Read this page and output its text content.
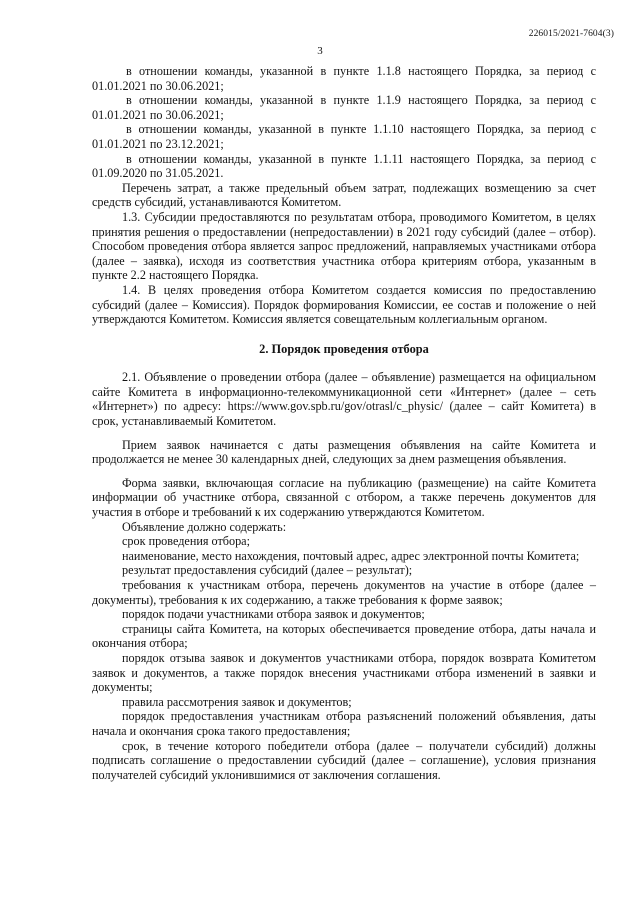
226015/2021-7604(3)
3

в отношении команды, указанной в пункте 1.1.8 настоящего Порядка, за период с 01.01.2021 по 30.06.2021;

в отношении команды, указанной в пункте 1.1.9 настоящего Порядка, за период с 01.01.2021 по 30.06.2021;

в отношении команды, указанной в пункте 1.1.10 настоящего Порядка, за период с 01.01.2021 по 23.12.2021;

в отношении команды, указанной в пункте 1.1.11 настоящего Порядка, за период с 01.09.2020 по 31.05.2021.

Перечень затрат, а также предельный объем затрат, подлежащих возмещению за счет средств субсидий, устанавливаются Комитетом.

1.3. Субсидии предоставляются по результатам отбора, проводимого Комитетом, в целях принятия решения о предоставлении (непредоставлении) в 2021 году субсидий (далее – отбор). Способом проведения отбора является запрос предложений, направляемых участниками отбора (далее – заявка), исходя из соответствия участника отбора критериям отбора, указанным в пункте 2.2 настоящего Порядка.

1.4. В целях проведения отбора Комитетом создается комиссия по предоставлению субсидий (далее – Комиссия). Порядок формирования Комиссии, ее состав и положение о ней утверждаются Комитетом. Комиссия является совещательным коллегиальным органом.

2. Порядок проведения отбора

2.1. Объявление о проведении отбора (далее – объявление) размещается на официальном сайте Комитета в информационно-телекоммуникационной сети «Интернет» (далее – сеть «Интернет») по адресу: https://www.gov.spb.ru/gov/otrasl/c_physic/ (далее – сайт Комитета) в срок, устанавливаемый Комитетом.

Прием заявок начинается с даты размещения объявления на сайте Комитета и продолжается не менее 30 календарных дней, следующих за днем размещения объявления.

Форма заявки, включающая согласие на публикацию (размещение) на сайте Комитета информации об участнике отбора, связанной с отбором, а также перечень документов для участия в отборе и требований к их содержанию утверждаются Комитетом.

Объявление должно содержать:

срок проведения отбора;

наименование, место нахождения, почтовый адрес, адрес электронной почты Комитета;

результат предоставления субсидий (далее – результат);

требования к участникам отбора, перечень документов на участие в отборе (далее – документы), требования к их содержанию, а также требования к форме заявок;

порядок подачи участниками отбора заявок и документов;

страницы сайта Комитета, на которых обеспечивается проведение отбора, даты начала и окончания отбора;

порядок отзыва заявок и документов участниками отбора, порядок возврата Комитетом заявок и документов, а также порядок внесения участниками отбора изменений в заявки и документы;

правила рассмотрения заявок и документов;

порядок предоставления участникам отбора разъяснений положений объявления, даты начала и окончания срока такого предоставления;

срок, в течение которого победители отбора (далее – получатели субсидий) должны подписать соглашение о предоставлении субсидий (далее – соглашение), условия признания получателей субсидий уклонившимися от заключения соглашения.
